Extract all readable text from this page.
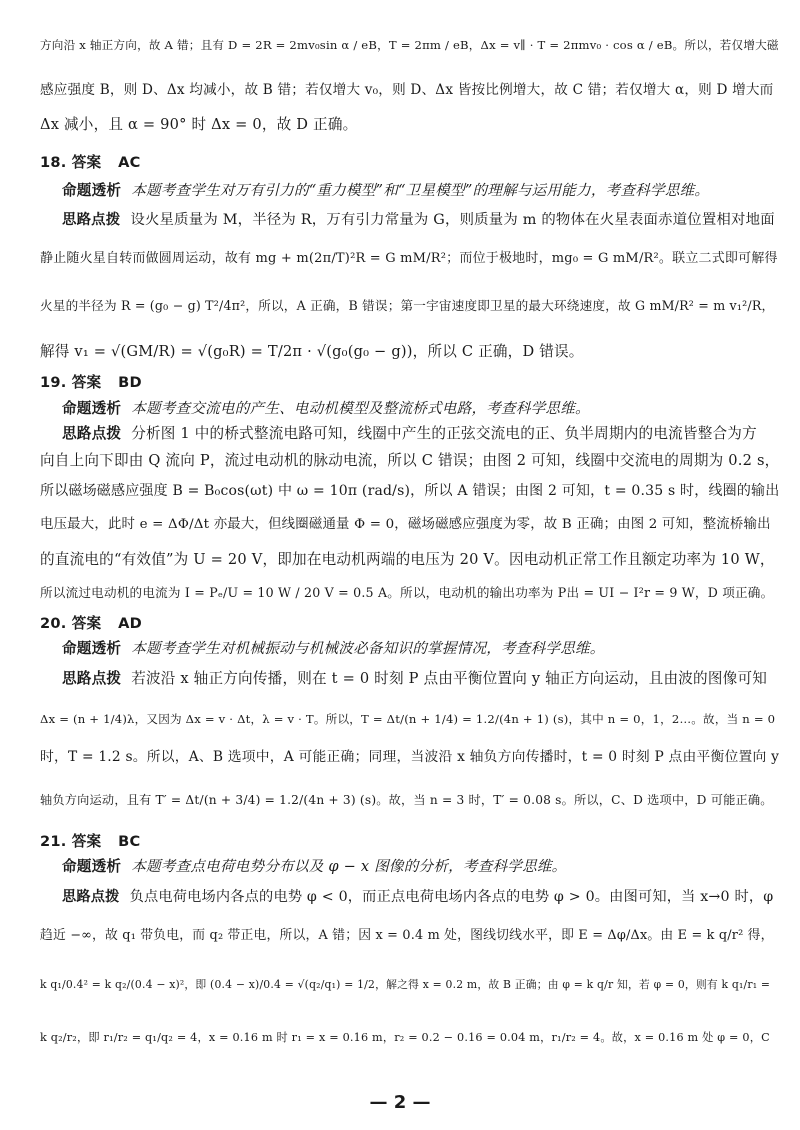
方向沿 x 轴正方向，故 A 错；且有 D = 2R = 2mv₀sin α / eB，T = 2πm / eB，Δx = v∥ · T = 2πmv₀ · cos α / eB。所以，若仅增大磁
感应强度 B，则 D、Δx 均减小，故 B 错；若仅增大 v₀，则 D、Δx 皆按比例增大，故 C 错；若仅增大 α，则 D 增大而
Δx 减小，且 α = 90° 时 Δx = 0，故 D 正确。
18. 答案 AC
命题透析 本题考查学生对万有引力的“重力模型”和“卫星模型”的理解与运用能力，考查科学思维。
思路点拨 设火星质量为 M，半径为 R，万有引力常量为 G，则质量为 m 的物体在火星表面赤道位置相对地面
静止随火星自转而做圆周运动，故有 mg + m(2π/T)²R = G mM/R²；而位于极地时，mg₀ = G mM/R²。联立二式即可解得
火星的半径为 R = (g₀ − g) T²/4π²，所以，A 正确，B 错误；第一宇宙速度即卫星的最大环绕速度，故 G mM/R² = m v₁²/R，
解得 v₁ = √(GM/R) = √(g₀R) = T/2π · √(g₀(g₀ − g))，所以 C 正确，D 错误。
19. 答案 BD
命题透析 本题考查交流电的产生、电动机模型及整流桥式电路，考查科学思维。
思路点拨 分析图 1 中的桥式整流电路可知，线圈中产生的正弦交流电的正、负半周期内的电流皆整合为方
向自上向下即由 Q 流向 P，流过电动机的脉动电流，所以 C 错误；由图 2 可知，线圈中交流电的周期为 0.2 s，
所以磁场磁感应强度 B = B₀cos(ωt) 中 ω = 10π (rad/s)，所以 A 错误；由图 2 可知，t = 0.35 s 时，线圈的输出
电压最大，此时 e = ΔΦ/Δt 亦最大，但线圈磁通量 Φ = 0，磁场磁感应强度为零，故 B 正确；由图 2 可知，整流桥输出
的直流电的“有效值”为 U = 20 V，即加在电动机两端的电压为 20 V。因电动机正常工作且额定功率为 10 W，
所以流过电动机的电流为 I = Pₑ/U = 10 W / 20 V = 0.5 A。所以，电动机的输出功率为 P出 = UI − I²r = 9 W，D 项正确。
20. 答案 AD
命题透析 本题考查学生对机械振动与机械波必备知识的掌握情况，考查科学思维。
思路点拨 若波沿 x 轴正方向传播，则在 t = 0 时刻 P 点由平衡位置向 y 轴正方向运动，且由波的图像可知
Δx = (n + 1/4)λ，又因为 Δx = v · Δt，λ = v · T。所以，T = Δt/(n + 1/4) = 1.2/(4n + 1) (s)，其中 n = 0，1，2…。故，当 n = 0
时，T = 1.2 s。所以，A、B 选项中，A 可能正确；同理，当波沿 x 轴负方向传播时，t = 0 时刻 P 点由平衡位置向 y
轴负方向运动，且有 T′ = Δt/(n + 3/4) = 1.2/(4n + 3) (s)。故，当 n = 3 时，T′ = 0.08 s。所以，C、D 选项中，D 可能正确。
21. 答案 BC
命题透析 本题考查点电荷电势分布以及 φ − x 图像的分析，考查科学思维。
思路点拨 负点电荷电场内各点的电势 φ < 0，而正点电荷电场内各点的电势 φ > 0。由图可知，当 x→0 时，φ
趋近 −∞，故 q₁ 带负电，而 q₂ 带正电，所以，A 错；因 x = 0.4 m 处，图线切线水平，即 E = Δφ/Δx。由 E = k q/r² 得，
k q₁/0.4² = k q₂/(0.4 − x)²，即 (0.4 − x)/0.4 = √(q₂/q₁) = 1/2，解之得 x = 0.2 m，故 B 正确；由 φ = k q/r 知，若 φ = 0，则有 k q₁/r₁ =
k q₂/r₂，即 r₁/r₂ = q₁/q₂ = 4，x = 0.16 m 时 r₁ = x = 0.16 m，r₂ = 0.2 − 0.16 = 0.04 m，r₁/r₂ = 4。故，x = 0.16 m 处 φ = 0，C
— 2 —
